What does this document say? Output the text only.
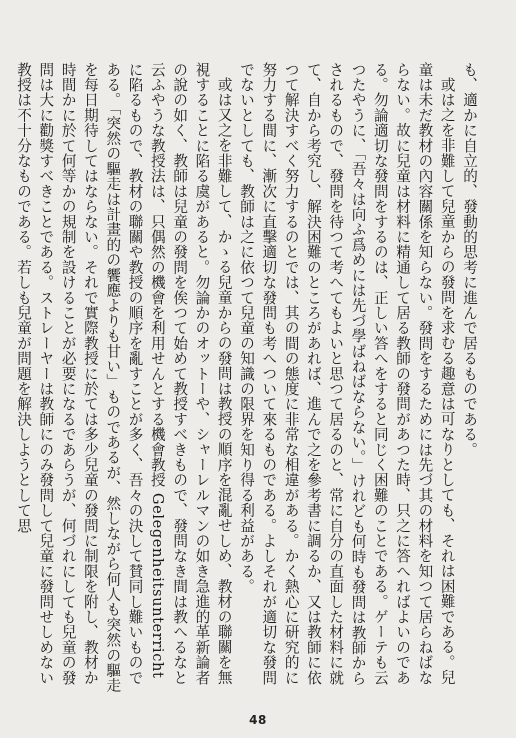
も、適かに自立的、發動的思考に進んで居るものである。

或は之を非難して兒童からの發問を求むる趣意は可なりとしても、それは困難である。兒童は未だ教材の內容關係を知らない。發問をするためには先づ其の材料を知つて居らねばならない。故に兒童は材料に精通して居る教師の發問があつた時、只之に答へればよいのである。勿論適切な發問をするのは、正しい答へをすると同じく困難のことである。ゲーテも云つたやうに、「吾々は向ふ爲めには先づ學ばねばならない。」けれども何時も發問は教師からされるもので、發問を待つて考へてもよいと思つて居るのと、常に自分の直面した材料に就て、自から考究し、解決困難のところがあれば、進んで之を參考書に調るか、又は教師に依つて解決すべく努力するのとでは、其の間の態度に非常な相違がある。かく熱心に研究的に努力する間に、漸次に直擊適切な發問も考へついて來るものである。よしそれが適切な發問でないとしても、教師は之に依つて兒童の知識の限界を知り得る利益がある。

或は又之を非難して、かゝる兒童からの發問は教授の順序を混亂せしめ、教材の聯關を無視することに陷る虞があると。勿論かのオットーや、シャーレルマンの如き急進的革新論者の說の如く、教師は兒童の發問を俟つて始めて教授すべきもので、發問なき間は教へるなと云ふやうな教授法は、只偶然の機會を利用せんとする機會教授 Gelegenheitsunterricht に陷るもので、教材の聯關や教授の順序を亂すことが多く、吾々の決して賛同し難いものである。「突然の驅走は計畫的の饗應よりも甘い」ものであるが、然しながら何人も突然の驅走を每日期待してはならない。それで實際教授に於ては多少兒童の發問に制限を附し、教材か時間かに於て何等かの規制を設けることが必要になるであらうが、何づれにしても兒童の發問は大に勸獎すべきことである。ストレーヤーは教師にのみ發問して兒童に發問せしめない教授は不十分なものである。若しも兒童が問題を解決しようとして思

48
